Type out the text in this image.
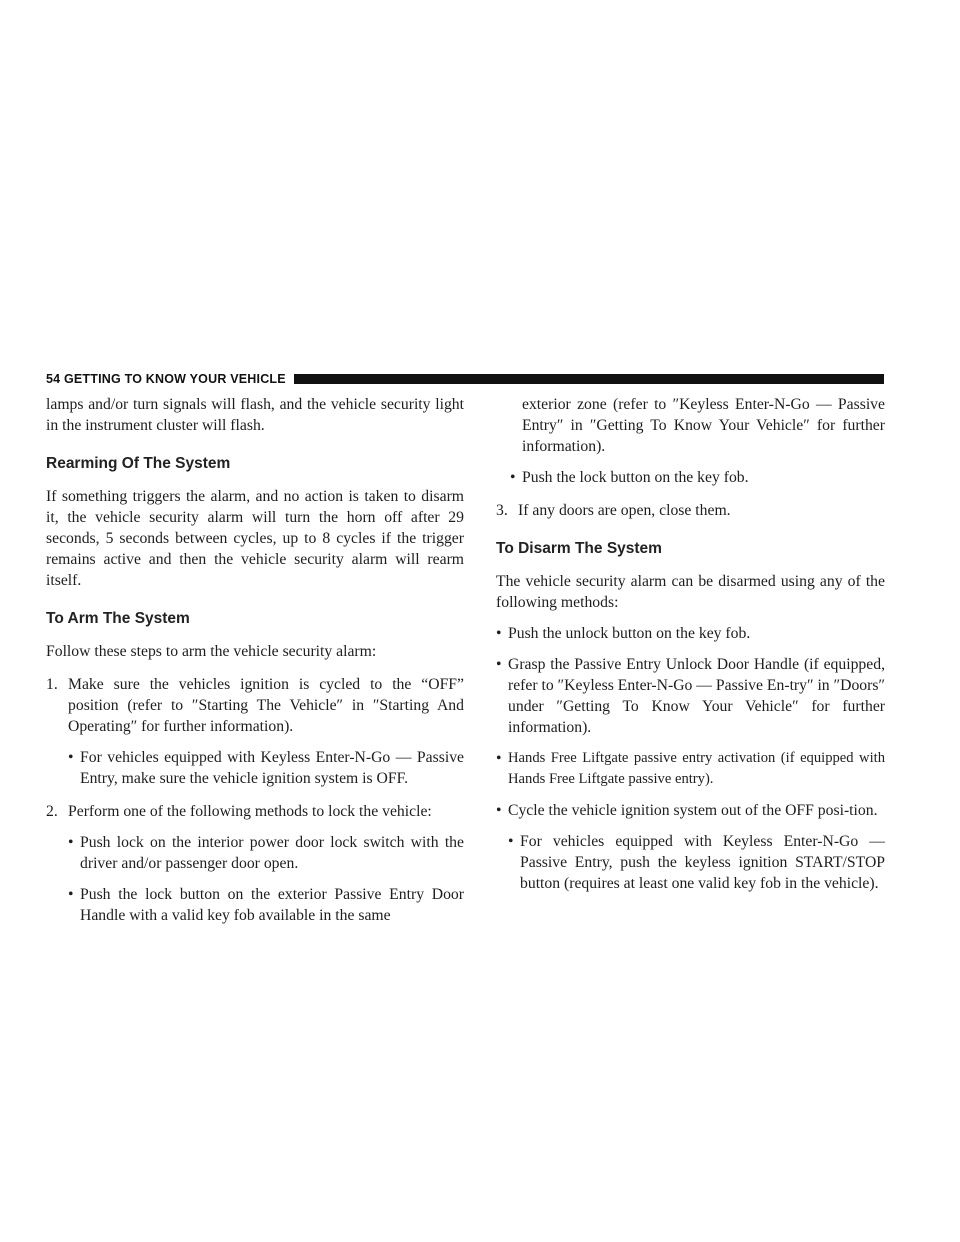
54 GETTING TO KNOW YOUR VEHICLE

lamps and/or turn signals will flash, and the vehicle security light in the instrument cluster will flash.

Rearming Of The System

If something triggers the alarm, and no action is taken to disarm it, the vehicle security alarm will turn the horn off after 29 seconds, 5 seconds between cycles, up to 8 cycles if the trigger remains active and then the vehicle security alarm will rearm itself.

To Arm The System

Follow these steps to arm the vehicle security alarm:

1. Make sure the vehicles ignition is cycled to the “OFF” position (refer to ″Starting The Vehicle″ in ″Starting And Operating″ for further information).
• For vehicles equipped with Keyless Enter-N-Go — Passive Entry, make sure the vehicle ignition system is OFF.
2. Perform one of the following methods to lock the vehicle:
• Push lock on the interior power door lock switch with the driver and/or passenger door open.
• Push the lock button on the exterior Passive Entry Door Handle with a valid key fob available in the same

exterior zone (refer to ″Keyless Enter-N-Go — Passive Entry″ in ″Getting To Know Your Vehicle″ for further information).

• Push the lock button on the key fob.
3. If any doors are open, close them.
To Disarm The System

The vehicle security alarm can be disarmed using any of the following methods:

• Push the unlock button on the key fob.
• Grasp the Passive Entry Unlock Door Handle (if equipped, refer to ″Keyless Enter-N-Go — Passive En-try″ in ″Doors″ under ″Getting To Know Your Vehicle″ for further information).
• Hands Free Liftgate passive entry activation (if equipped with Hands Free Liftgate passive entry).
• Cycle the vehicle ignition system out of the OFF posi-tion.
• For vehicles equipped with Keyless Enter-N-Go — Passive Entry, push the keyless ignition START/STOP button (requires at least one valid key fob in the vehicle).
